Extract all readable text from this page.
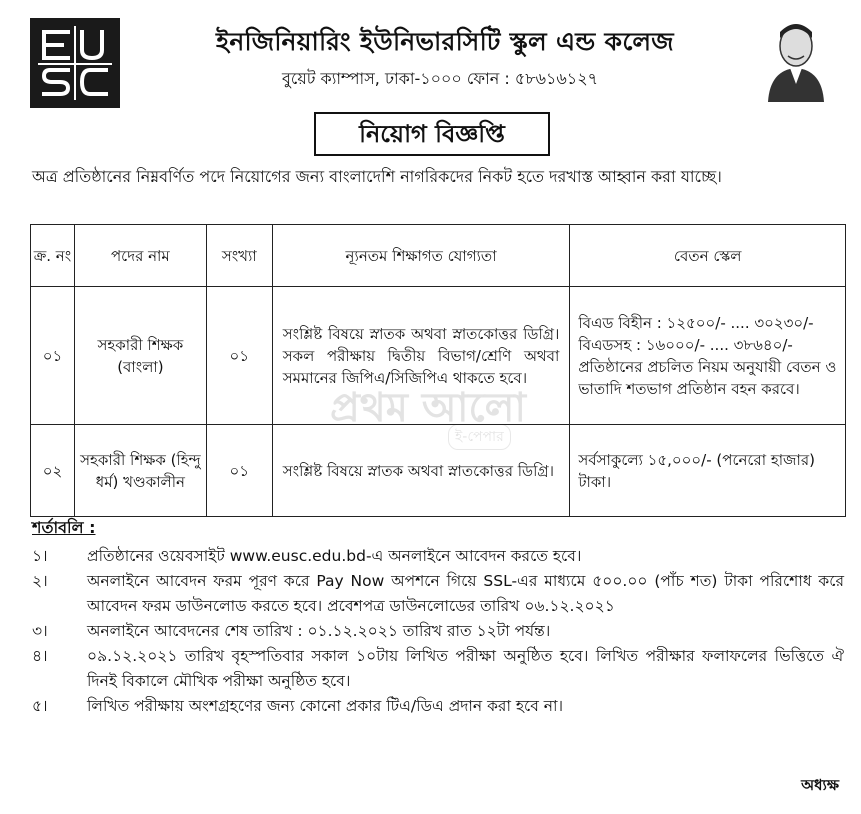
ইনজিনিয়ারিং ইউনিভারসিটি স্কুল এন্ড কলেজ
বুয়েট ক্যাম্পাস, ঢাকা-১০০০ ফোন : ৫৮৬১৬১২৭
নিয়োগ বিজ্ঞপ্তি

অত্র প্রতিষ্ঠানের নিম্নবর্ণিত পদে নিয়োগের জন্য বাংলাদেশি নাগরিকদের নিকট হতে দরখাস্ত আহ্বান করা যাচ্ছে।

প্রথম আলো
ই-পেপার
ক্র. নং	পদের নাম	সংখ্যা	ন্যূনতম শিক্ষাগত যোগ্যতা	বেতন স্কেল
০১	সহকারী শিক্ষক (বাংলা)	০১	সংশ্লিষ্ট বিষয়ে স্নাতক অথবা স্নাতকোত্তর ডিগ্রি। সকল পরীক্ষায় দ্বিতীয় বিভাগ/শ্রেণি অথবা সমমানের জিপিএ/সিজিপিএ থাকতে হবে।	বিএড বিহীন : ১২৫০০/- .... ৩০২৩০/-
বিএডসহ : ১৬০০০/- .... ৩৮৬৪০/-
প্রতিষ্ঠানের প্রচলিত নিয়ম অনুযায়ী বেতন ও ভাতাদি শতভাগ প্রতিষ্ঠান বহন করবে।

০২	সহকারী শিক্ষক (হিন্দু ধর্ম) খণ্ডকালীন	০১	সংশ্লিষ্ট বিষয়ে স্নাতক অথবা স্নাতকোত্তর ডিগ্রি।	সর্বসাকুল্যে ১৫,০০০/- (পনেরো হাজার) টাকা।
শর্তাবলি :
১।	প্রতিষ্ঠানের ওয়েবসাইট www.eusc.edu.bd-এ অনলাইনে আবেদন করতে হবে।
২।	অনলাইনে আবেদন ফরম পূরণ করে Pay Now অপশনে গিয়ে SSL-এর মাধ্যমে ৫০০.০০ (পাঁচ শত) টাকা পরিশোধ করে আবেদন ফরম ডাউনলোড করতে হবে। প্রবেশপত্র ডাউনলোডের তারিখ ০৬.১২.২০২১
৩।	অনলাইনে আবেদনের শেষ তারিখ : ০১.১২.২০২১ তারিখ রাত ১২টা পর্যন্ত।
৪।	০৯.১২.২০২১ তারিখ বৃহস্পতিবার সকাল ১০টায় লিখিত পরীক্ষা অনুষ্ঠিত হবে। লিখিত পরীক্ষার ফলাফলের ভিত্তিতে ঐ দিনই বিকালে মৌখিক পরীক্ষা অনুষ্ঠিত হবে।
৫।	লিখিত পরীক্ষায় অংশগ্রহণের জন্য কোনো প্রকার টিএ/ডিএ প্রদান করা হবে না।
অধ্যক্ষ
